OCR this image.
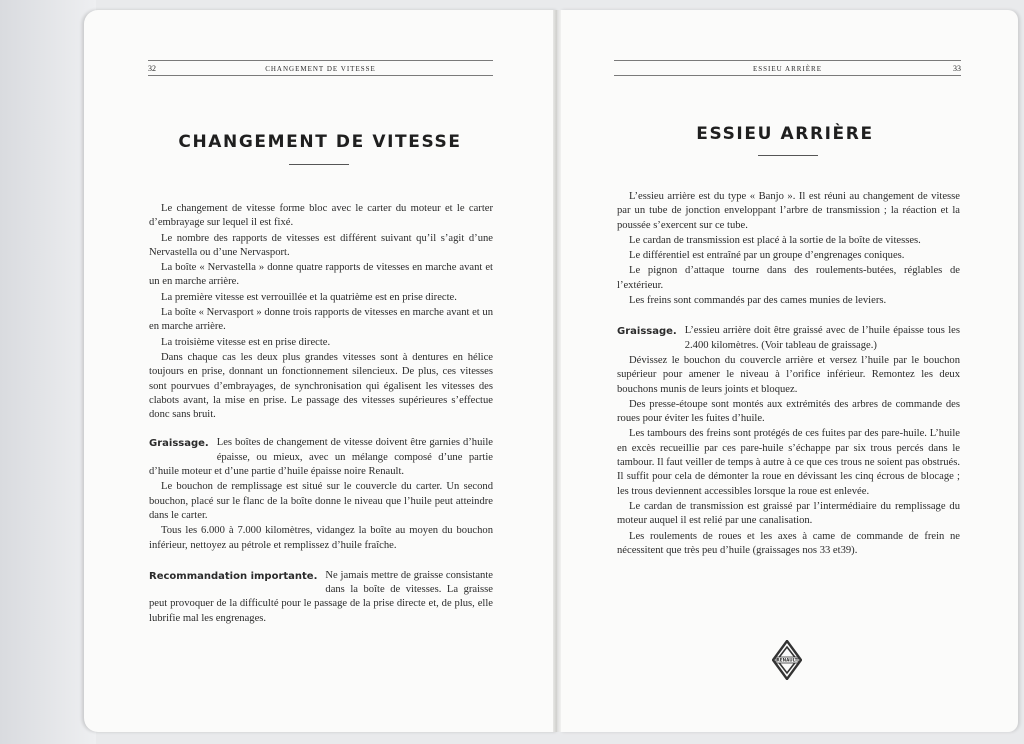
32	CHANGEMENT DE VITESSE
CHANGEMENT DE VITESSE

Le changement de vitesse forme bloc avec le carter du moteur et le carter d’embrayage sur lequel il est fixé.

Le nombre des rapports de vitesses est différent suivant qu’il s’agit d’une Nervastella ou d’une Nervasport.

La boîte « Nervastella » donne quatre rapports de vitesses en marche avant et un en marche arrière.

La première vitesse est verrouillée et la quatrième est en prise directe.

La boîte « Nervasport » donne trois rapports de vitesses en marche avant et un en marche arrière.

La troisième vitesse est en prise directe.

Dans chaque cas les deux plus grandes vitesses sont à dentures en hélice toujours en prise, donnant un fonctionnement silencieux. De plus, ces vitesses sont pourvues d’embrayages, de synchronisation qui égalisent les vitesses des clabots avant, la mise en prise. Le passage des vitesses supérieures s’effectue donc sans bruit.

Graissage. Les boîtes de changement de vitesse doivent être garnies d’huile épaisse, ou mieux, avec un mélange composé d’une partie d’huile moteur et d’une partie d’huile épaisse noire Renault.

Le bouchon de remplissage est situé sur le couvercle du carter. Un second bouchon, placé sur le flanc de la boîte donne le niveau que l’huile peut atteindre dans le carter.

Tous les 6.000 à 7.000 kilomètres, vidangez la boîte au moyen du bouchon inférieur, nettoyez au pétrole et remplissez d’huile fraîche.

Recommandation importante. Ne jamais mettre de graisse consistante dans la boîte de vitesses. La graisse peut provoquer de la difficulté pour le passage de la prise directe et, de plus, elle lubrifie mal les engrenages.

ESSIEU ARRIÈRE	33
ESSIEU ARRIÈRE

L’essieu arrière est du type « Banjo ». Il est réuni au changement de vitesse par un tube de jonction enveloppant l’arbre de transmission ; la réaction et la poussée s’exercent sur ce tube.

Le cardan de transmission est placé à la sortie de la boîte de vitesses.

Le différentiel est entraîné par un groupe d’engrenages coniques.

Le pignon d’attaque tourne dans des roulements-butées, réglables de l’extérieur.

Les freins sont commandés par des cames munies de leviers.

Graissage. L’essieu arrière doit être graissé avec de l’huile épaisse tous les 2.400 kilomètres. (Voir tableau de graissage.)

Dévissez le bouchon du couvercle arrière et versez l’huile par le bouchon supérieur pour amener le niveau à l’orifice inférieur. Remontez les deux bouchons munis de leurs joints et bloquez.

Des presse-étoupe sont montés aux extrémités des arbres de commande des roues pour éviter les fuites d’huile.

Les tambours des freins sont protégés de ces fuites par des pare-huile. L’huile en excès recueillie par ces pare-huile s’échappe par six trous percés dans le tambour. Il faut veiller de temps à autre à ce que ces trous ne soient pas obstrués. Il suffit pour cela de démonter la roue en dévissant les cinq écrous de blocage ; les trous deviennent accessibles lorsque la roue est enlevée.

Le cardan de transmission est graissé par l’intermédiaire du remplissage du moteur auquel il est relié par une canalisation.

Les roulements de roues et les axes à came de commande de frein ne nécessitent que très peu d’huile (graissages nos 33 et39).

RENAULT
